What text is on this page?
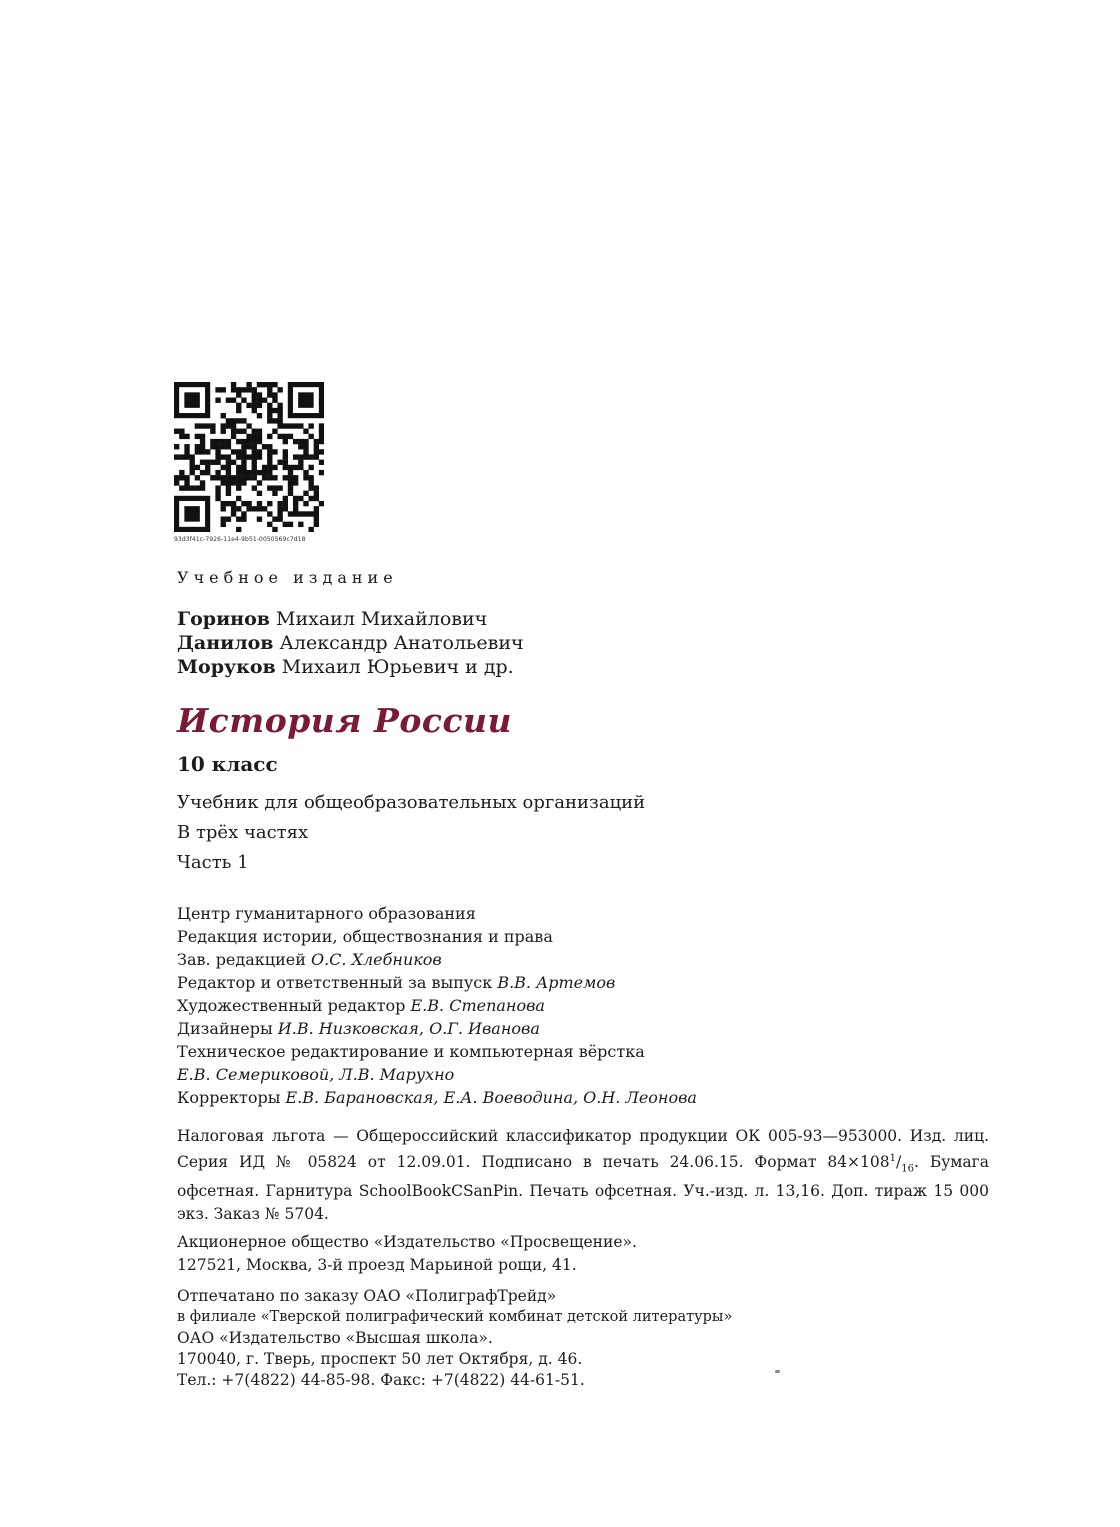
93d3f41c-7926-11e4-9b51-0050569c7d18
Учебное издание
Горинов Михаил Михайлович
Данилов Александр Анатольевич
Моруков Михаил Юрьевич и др.
История России
10 класс
Учебник для общеобразовательных организаций
В трёх частях
Часть 1
Центр гуманитарного образования
Редакция истории, обществознания и права
Зав. редакцией О.С. Хлебников
Редактор и ответственный за выпуск В.В. Артемов
Художественный редактор Е.В. Степанова
Дизайнеры И.В. Низковская, О.Г. Иванова
Техническое редактирование и компьютерная вёрстка
Е.В. Семериковой, Л.В. Марухно
Корректоры Е.В. Барановская, Е.А. Воеводина, О.Н. Леонова

Налоговая льгота — Общероссийский классификатор продукции ОК 005-93—953000. Изд. лиц. Серия ИД № 05824 от 12.09.01. Подписано в печать 24.06.15. Формат $84\times 108^1/_{16}$. Бумага офсетная. Гарнитура SchoolBookCSanPin. Печать офсетная. Уч.-изд. л. 13,16. Доп. тираж 15 000 экз. Заказ № 5704.

Акционерное общество «Издательство «Просвещение».
127521, Москва, 3-й проезд Марьиной рощи, 41.
Отпечатано по заказу ОАО «ПолиграфТрейд»
в филиале «Тверской полиграфический комбинат детской литературы»
ОАО «Издательство «Высшая школа».
170040, г. Тверь, проспект 50 лет Октября, д. 46.
Тел.: +7(4822) 44-85-98. Факс: +7(4822) 44-61-51.
